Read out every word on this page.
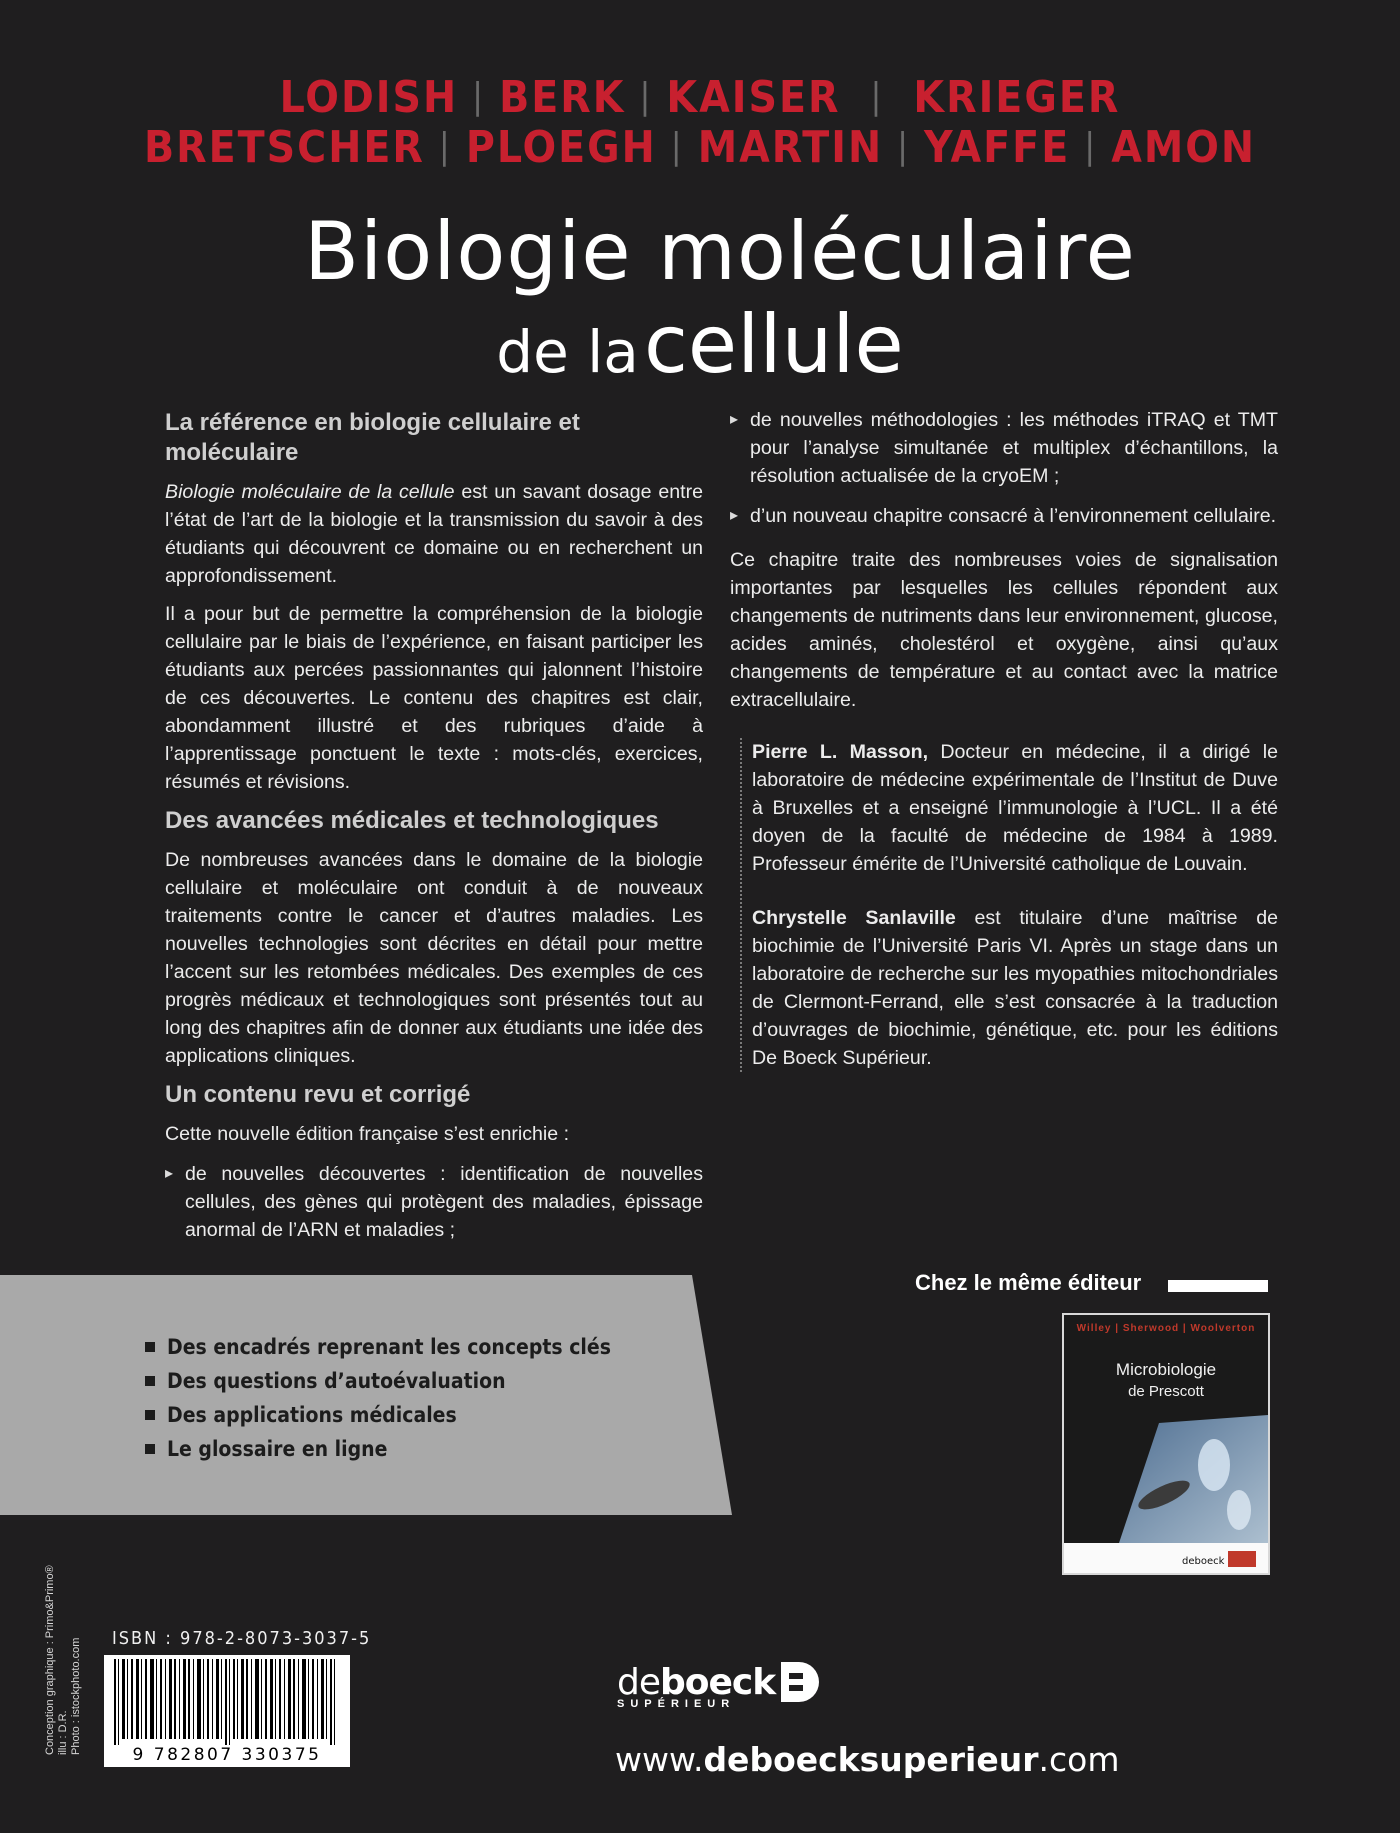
LODISH | BERK | KAISER | KRIEGER
BRETSCHER | PLOEGH | MARTIN | YAFFE | AMON
Biologie moléculaire
de la cellule
La référence en biologie cellulaire et moléculaire

Biologie moléculaire de la cellule est un savant dosage entre l’état de l’art de la biologie et la transmission du savoir à des étudiants qui découvrent ce domaine ou en recherchent un approfondissement.

Il a pour but de permettre la compréhension de la biologie cellulaire par le biais de l’expérience, en faisant participer les étudiants aux percées passionnantes qui jalonnent l’histoire de ces découvertes. Le contenu des chapitres est clair, abondamment illustré et des rubriques d’aide à l’apprentissage ponctuent le texte : mots-clés, exercices, résumés et révisions.

Des avancées médicales et technologiques

De nombreuses avancées dans le domaine de la biologie cellulaire et moléculaire ont conduit à de nouveaux traitements contre le cancer et d’autres maladies. Les nouvelles technologies sont décrites en détail pour mettre l’accent sur les retombées médicales. Des exemples de ces progrès médicaux et technologiques sont présentés tout au long des chapitres afin de donner aux étudiants une idée des applications cliniques.

Un contenu revu et corrigé

Cette nouvelle édition française s’est enrichie :

▸ de nouvelles découvertes : identification de nouvelles cellules, des gènes qui protègent des maladies, épissage anormal de l’ARN et maladies ;
▸ de nouvelles méthodologies : les méthodes iTRAQ et TMT pour l’analyse simultanée et multiplex d’échantillons, la résolution actualisée de la cryoEM ;
▸ d’un nouveau chapitre consacré à l’environnement cellulaire.

Ce chapitre traite des nombreuses voies de signalisation importantes par lesquelles les cellules répondent aux changements de nutriments dans leur environnement, glucose, acides aminés, cholestérol et oxygène, ainsi qu’aux changements de température et au contact avec la matrice extracellulaire.

Pierre L. Masson, Docteur en médecine, il a dirigé le laboratoire de médecine expérimentale de l’Institut de Duve à Bruxelles et a enseigné l’immunologie à l’UCL. Il a été doyen de la faculté de médecine de 1984 à 1989. Professeur émérite de l’Université catholique de Louvain.

Chrystelle Sanlaville est titulaire d’une maîtrise de biochimie de l’Université Paris VI. Après un stage dans un laboratoire de recherche sur les myopathies mitochondriales de Clermont-Ferrand, elle s’est consacrée à la traduction d’ouvrages de biochimie, génétique, etc. pour les éditions De Boeck Supérieur.

Des encadrés reprenant les concepts clés
Des questions d’autoévaluation
Des applications médicales
Le glossaire en ligne
Chez le même éditeur
Willey | Sherwood | Woolverton
Microbiologie
de Prescott
deboeck
Conception graphique : Primo&Primo® illu : D.R. Photo : istockphoto.com ISBN : 978-2-8073-3037-5
9 782807 330375
deboeck
SUPÉRIEUR
www.deboecksuperieur.com
